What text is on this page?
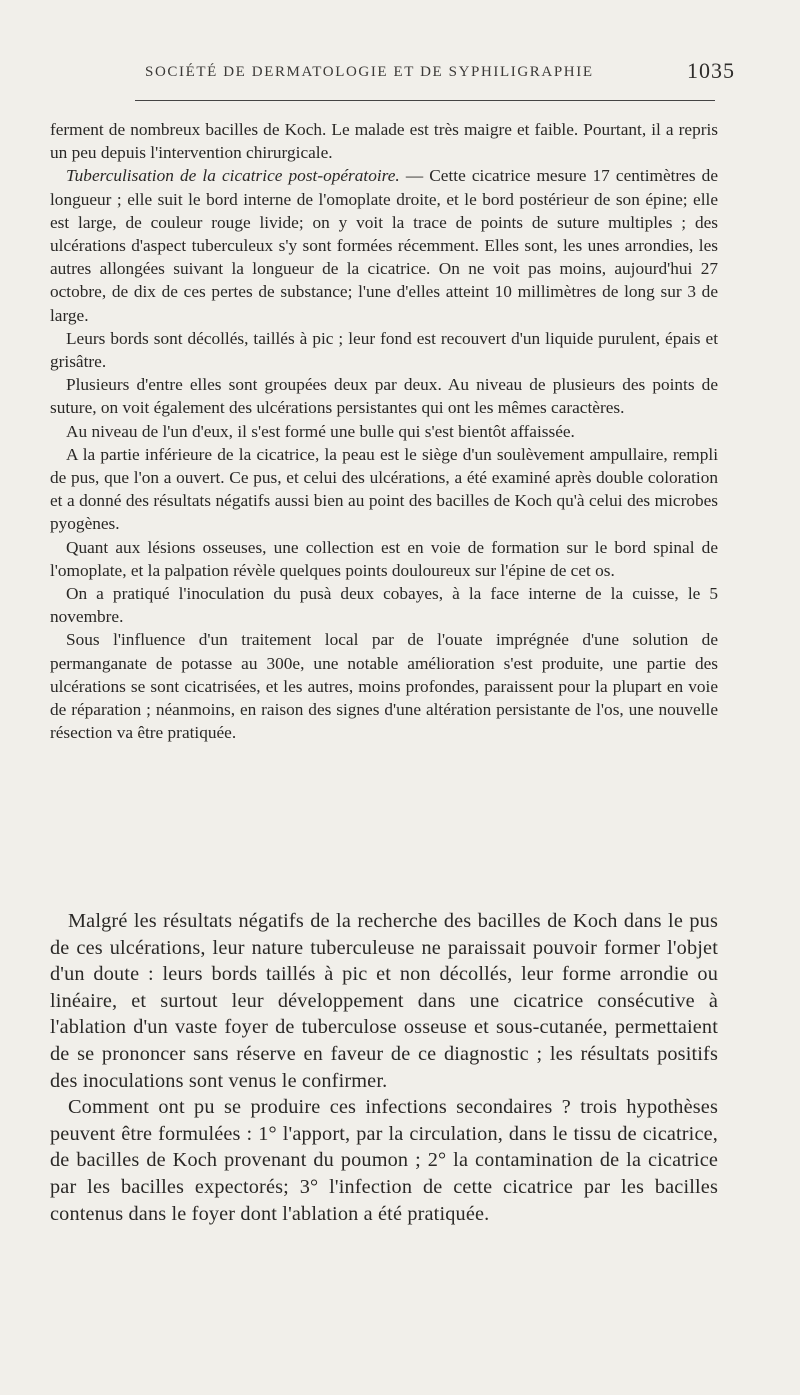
SOCIÉTÉ DE DERMATOLOGIE ET DE SYPHILIGRAPHIE	1035

ferment de nombreux bacilles de Koch. Le malade est très maigre et faible. Pourtant, il a repris un peu depuis l'intervention chirurgicale.

Tuberculisation de la cicatrice post-opératoire. — Cette cicatrice mesure 17 centimètres de longueur ; elle suit le bord interne de l'omoplate droite, et le bord postérieur de son épine; elle est large, de couleur rouge livide; on y voit la trace de points de suture multiples ; des ulcérations d'aspect tuberculeux s'y sont formées récemment. Elles sont, les unes arrondies, les autres allongées suivant la longueur de la cicatrice. On ne voit pas moins, aujourd'hui 27 octobre, de dix de ces pertes de substance; l'une d'elles atteint 10 millimètres de long sur 3 de large.

Leurs bords sont décollés, taillés à pic ; leur fond est recouvert d'un liquide purulent, épais et grisâtre.

Plusieurs d'entre elles sont groupées deux par deux. Au niveau de plusieurs des points de suture, on voit également des ulcérations persistantes qui ont les mêmes caractères.

Au niveau de l'un d'eux, il s'est formé une bulle qui s'est bientôt affaissée.

A la partie inférieure de la cicatrice, la peau est le siège d'un soulèvement ampullaire, rempli de pus, que l'on a ouvert. Ce pus, et celui des ulcérations, a été examiné après double coloration et a donné des résultats négatifs aussi bien au point des bacilles de Koch qu'à celui des microbes pyogènes.

Quant aux lésions osseuses, une collection est en voie de formation sur le bord spinal de l'omoplate, et la palpation révèle quelques points douloureux sur l'épine de cet os.

On a pratiqué l'inoculation du pusà deux cobayes, à la face interne de la cuisse, le 5 novembre.

Sous l'influence d'un traitement local par de l'ouate imprégnée d'une solution de permanganate de potasse au 300e, une notable amélioration s'est produite, une partie des ulcérations se sont cicatrisées, et les autres, moins profondes, paraissent pour la plupart en voie de réparation ; néanmoins, en raison des signes d'une altération persistante de l'os, une nouvelle résection va être pratiquée.

Malgré les résultats négatifs de la recherche des bacilles de Koch dans le pus de ces ulcérations, leur nature tuberculeuse ne paraissait pouvoir former l'objet d'un doute : leurs bords taillés à pic et non décollés, leur forme arrondie ou linéaire, et surtout leur développement dans une cicatrice consécutive à l'ablation d'un vaste foyer de tuberculose osseuse et sous-cutanée, permettaient de se prononcer sans réserve en faveur de ce diagnostic ; les résultats positifs des inoculations sont venus le confirmer.

Comment ont pu se produire ces infections secondaires ? trois hypothèses peuvent être formulées : 1° l'apport, par la circulation, dans le tissu de cicatrice, de bacilles de Koch provenant du poumon ; 2° la contamination de la cicatrice par les bacilles expectorés; 3° l'infection de cette cicatrice par les bacilles contenus dans le foyer dont l'ablation a été pratiquée.
